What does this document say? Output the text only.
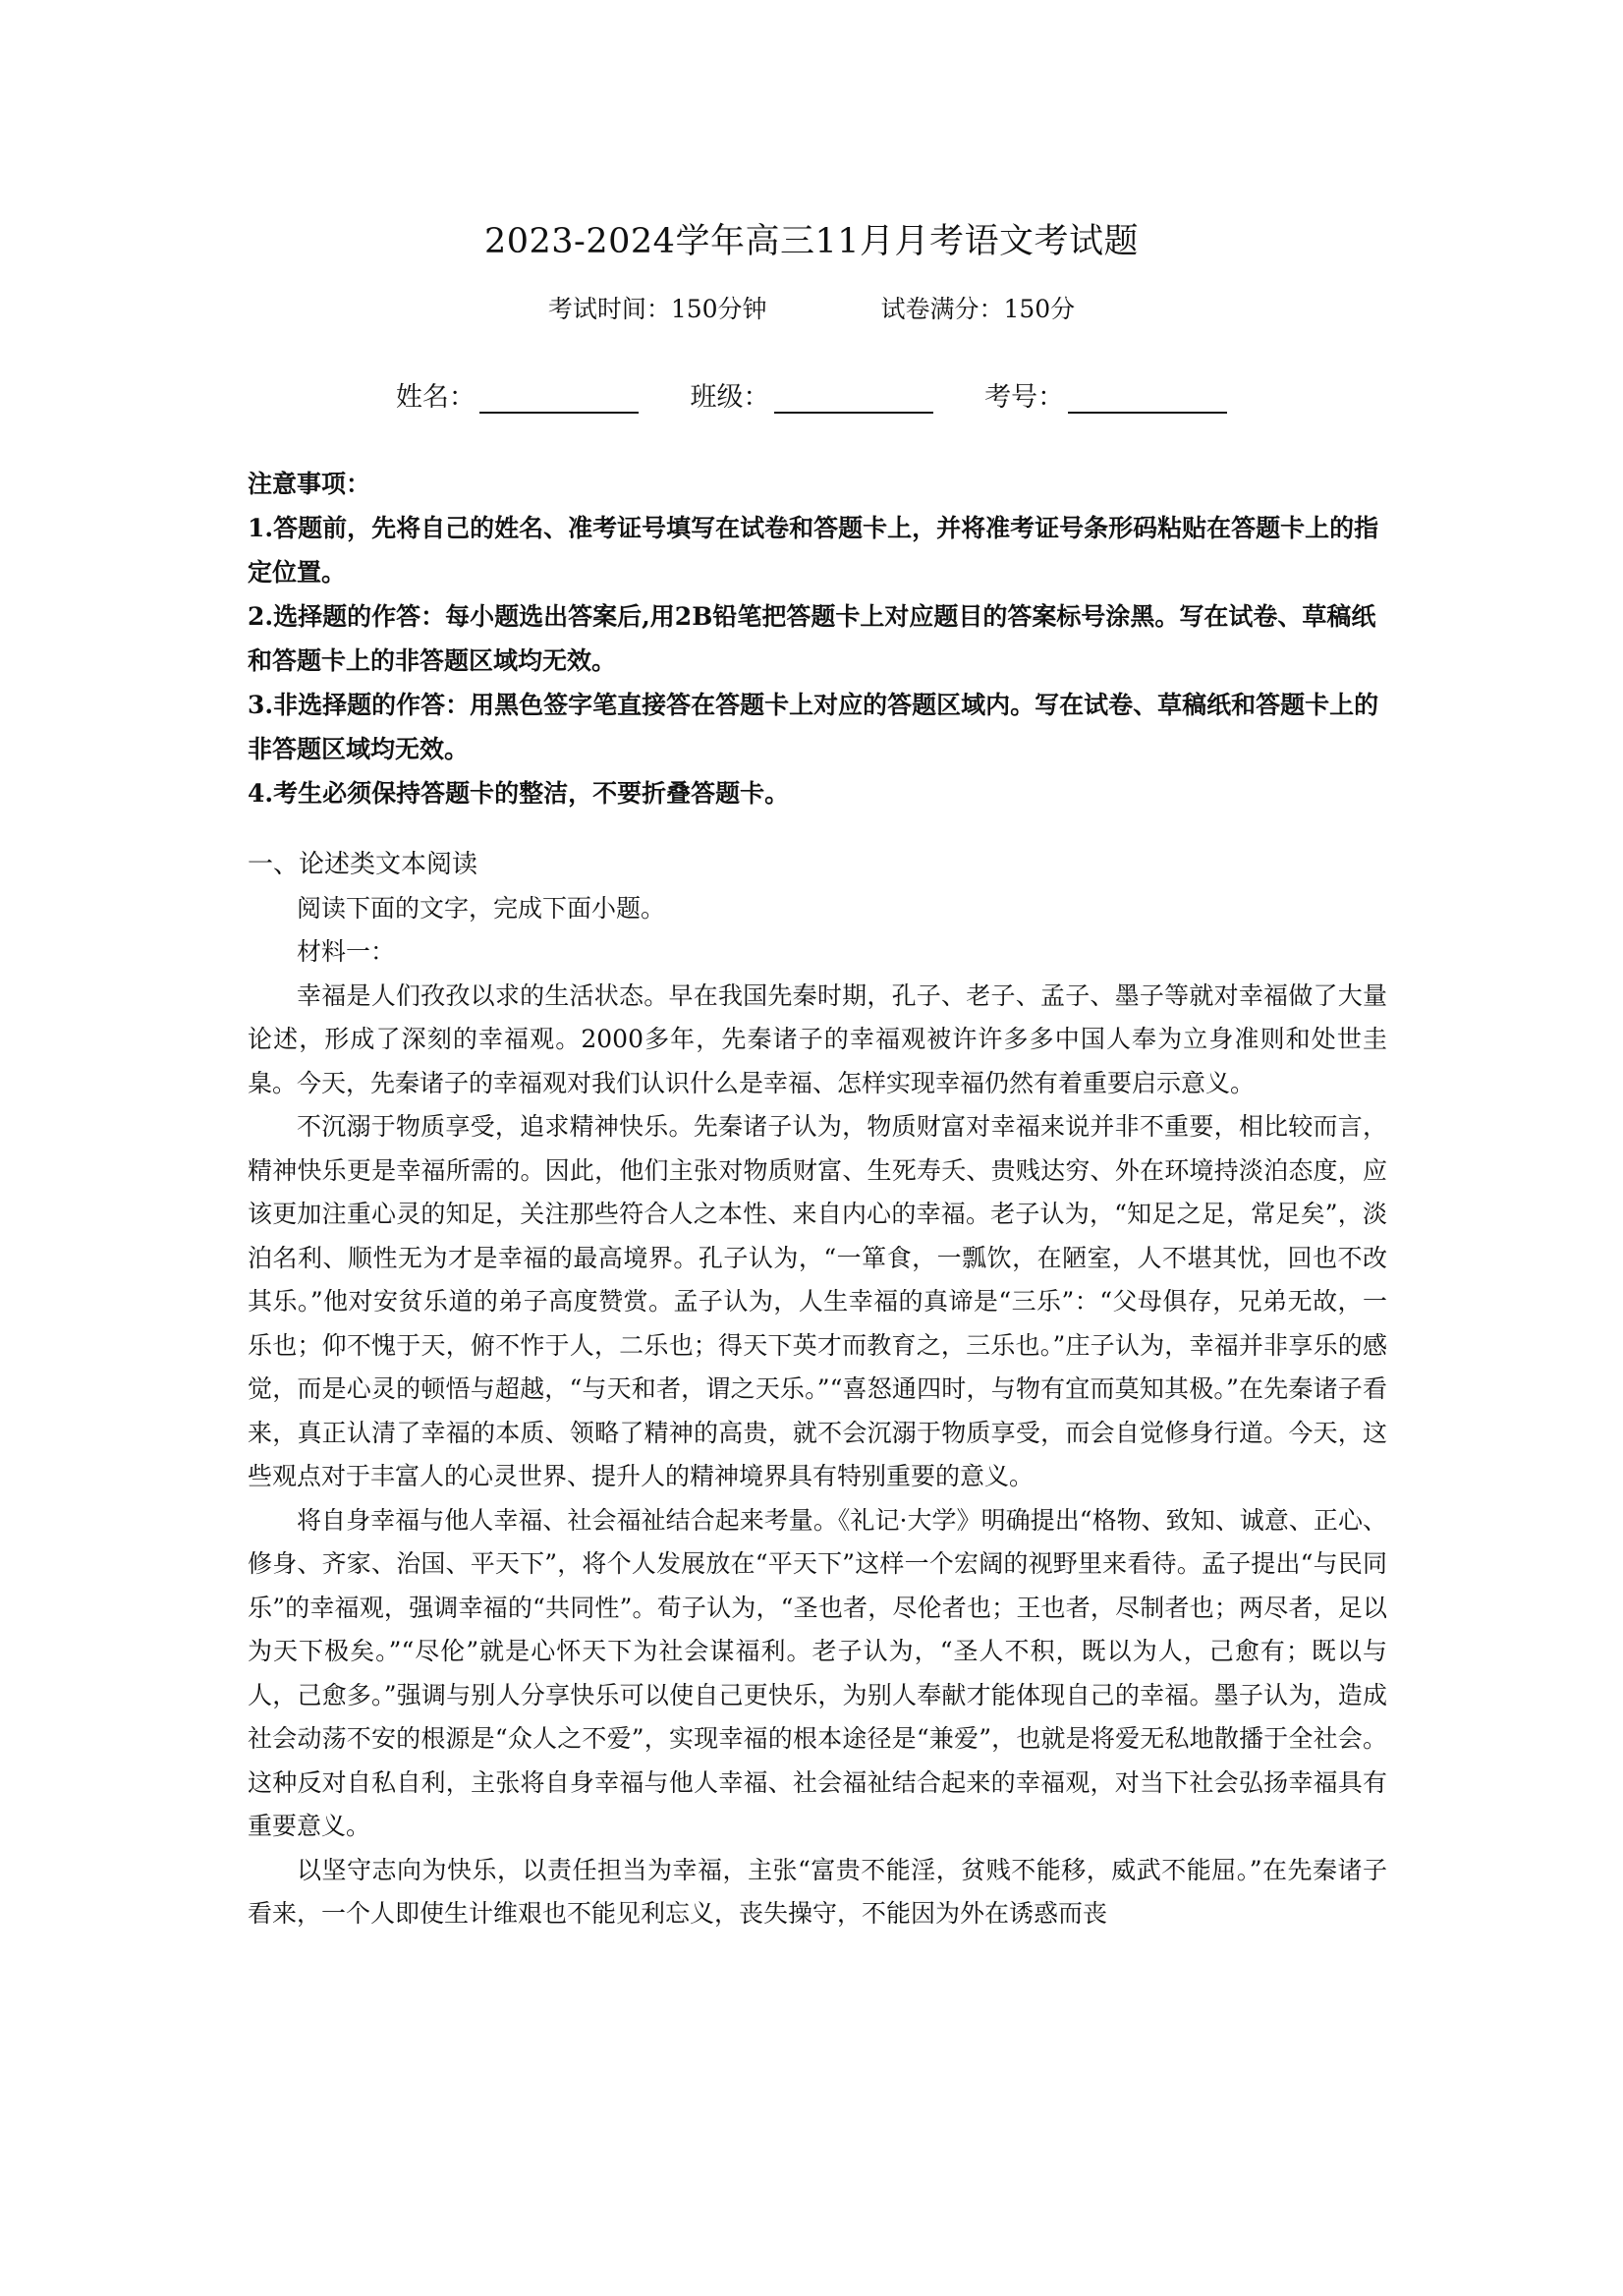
2023-2024学年高三11月月考语文考试题
考试时间：150分钟	试卷满分：150分
姓名：	班级：	考号：

注意事项：

1.答题前，先将自己的姓名、准考证号填写在试卷和答题卡上，并将准考证号条形码粘贴在答题卡上的指定位置。

2.选择题的作答：每小题选出答案后,用2B铅笔把答题卡上对应题目的答案标号涂黑。写在试卷、草稿纸和答题卡上的非答题区域均无效。

3.非选择题的作答：用黑色签字笔直接答在答题卡上对应的答题区域内。写在试卷、草稿纸和答题卡上的非答题区域均无效。

4.考生必须保持答题卡的整洁，不要折叠答题卡。

一、论述类文本阅读

阅读下面的文字，完成下面小题。

材料一：

幸福是人们孜孜以求的生活状态。早在我国先秦时期，孔子、老子、孟子、墨子等就对幸福做了大量论述，形成了深刻的幸福观。2000多年，先秦诸子的幸福观被许许多多中国人奉为立身准则和处世圭臬。今天，先秦诸子的幸福观对我们认识什么是幸福、怎样实现幸福仍然有着重要启示意义。

不沉溺于物质享受，追求精神快乐。先秦诸子认为，物质财富对幸福来说并非不重要，相比较而言，精神快乐更是幸福所需的。因此，他们主张对物质财富、生死寿夭、贵贱达穷、外在环境持淡泊态度，应该更加注重心灵的知足，关注那些符合人之本性、来自内心的幸福。老子认为，“知足之足，常足矣”，淡泊名利、顺性无为才是幸福的最高境界。孔子认为，“一箪食，一瓢饮，在陋室，人不堪其忧，回也不改其乐。”他对安贫乐道的弟子高度赞赏。孟子认为，人生幸福的真谛是“三乐”：“父母俱存，兄弟无故，一乐也；仰不愧于天，俯不怍于人，二乐也；得天下英才而教育之，三乐也。”庄子认为，幸福并非享乐的感觉，而是心灵的顿悟与超越，“与天和者，谓之天乐。”“喜怒通四时，与物有宜而莫知其极。”在先秦诸子看来，真正认清了幸福的本质、领略了精神的高贵，就不会沉溺于物质享受，而会自觉修身行道。今天，这些观点对于丰富人的心灵世界、提升人的精神境界具有特别重要的意义。

将自身幸福与他人幸福、社会福祉结合起来考量。《礼记·大学》明确提出“格物、致知、诚意、正心、修身、齐家、治国、平天下”，将个人发展放在“平天下”这样一个宏阔的视野里来看待。孟子提出“与民同乐”的幸福观，强调幸福的“共同性”。荀子认为，“圣也者，尽伦者也；王也者，尽制者也；两尽者，足以为天下极矣。”“尽伦”就是心怀天下为社会谋福利。老子认为，“圣人不积，既以为人，己愈有；既以与人，己愈多。”强调与别人分享快乐可以使自己更快乐，为别人奉献才能体现自己的幸福。墨子认为，造成社会动荡不安的根源是“众人之不爱”，实现幸福的根本途径是“兼爱”，也就是将爱无私地散播于全社会。这种反对自私自利，主张将自身幸福与他人幸福、社会福祉结合起来的幸福观，对当下社会弘扬幸福具有重要意义。

以坚守志向为快乐，以责任担当为幸福，主张“富贵不能淫，贫贱不能移，威武不能屈。”在先秦诸子看来，一个人即使生计维艰也不能见利忘义，丧失操守，不能因为外在诱惑而丧
